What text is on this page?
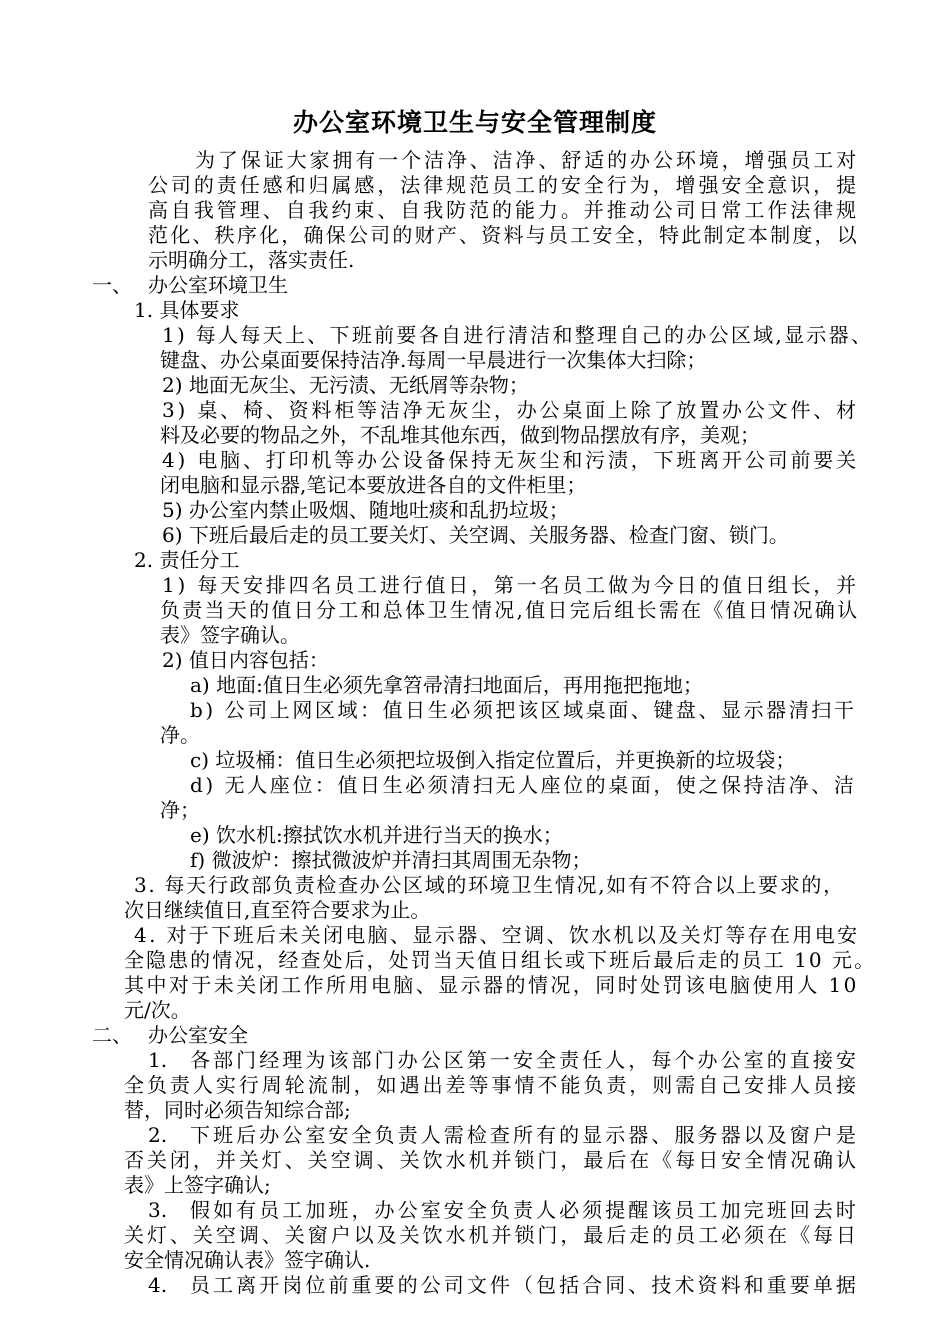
办公室环境卫生与安全管理制度
为了保证大家拥有一个洁净、洁净、舒适的办公环境，增强员工对
公司的责任感和归属感，法律规范员工的安全行为，增强安全意识，提
高自我管理、自我约束、自我防范的能力。并推动公司日常工作法律规
范化、秩序化，确保公司的财产、资料与员工安全，特此制定本制度，以
示明确分工，落实责任.
一、 办公室环境卫生
1. 具体要求
1) 每人每天上、下班前要各自进行清洁和整理自己的办公区域,显示器、
键盘、办公桌面要保持洁净.每周一早晨进行一次集体大扫除；
2) 地面无灰尘、无污渍、无纸屑等杂物；
3) 桌、椅、资料柜等洁净无灰尘，办公桌面上除了放置办公文件、材
料及必要的物品之外，不乱堆其他东西，做到物品摆放有序，美观；
4) 电脑、打印机等办公设备保持无灰尘和污渍，下班离开公司前要关
闭电脑和显示器,笔记本要放进各自的文件柜里；
5) 办公室内禁止吸烟、随地吐痰和乱扔垃圾；
6) 下班后最后走的员工要关灯、关空调、关服务器、检查门窗、锁门。
2. 责任分工
1) 每天安排四名员工进行值日，第一名员工做为今日的值日组长，并
负责当天的值日分工和总体卫生情况,值日完后组长需在《值日情况确认
表》签字确认。
2) 值日内容包括：
a) 地面:值日生必须先拿笤帚清扫地面后，再用拖把拖地；
b) 公司上网区域：值日生必须把该区域桌面、键盘、显示器清扫干
净。
c) 垃圾桶：值日生必须把垃圾倒入指定位置后，并更换新的垃圾袋；
d) 无人座位：值日生必须清扫无人座位的桌面，使之保持洁净、洁
净；
e) 饮水机:擦拭饮水机并进行当天的换水；
f) 微波炉：擦拭微波炉并清扫其周围无杂物；
3. 每天行政部负责检查办公区域的环境卫生情况,如有不符合以上要求的，
次日继续值日,直至符合要求为止。
4. 对于下班后未关闭电脑、显示器、空调、饮水机以及关灯等存在用电安
全隐患的情况，经查处后，处罚当天值日组长或下班后最后走的员工 10 元。
其中对于未关闭工作所用电脑、显示器的情况，同时处罚该电脑使用人 10
元/次。
二、 办公室安全
1. 各部门经理为该部门办公区第一安全责任人，每个办公室的直接安
全负责人实行周轮流制，如遇出差等事情不能负责，则需自己安排人员接
替，同时必须告知综合部;
2. 下班后办公室安全负责人需检查所有的显示器、服务器以及窗户是
否关闭，并关灯、关空调、关饮水机并锁门，最后在《每日安全情况确认
表》上签字确认;
3. 假如有员工加班，办公室安全负责人必须提醒该员工加完班回去时
关灯、关空调、关窗户以及关饮水机并锁门，最后走的员工必须在《每日
安全情况确认表》签字确认.
4. 员工离开岗位前重要的公司文件（包括合同、技术资料和重要单据
